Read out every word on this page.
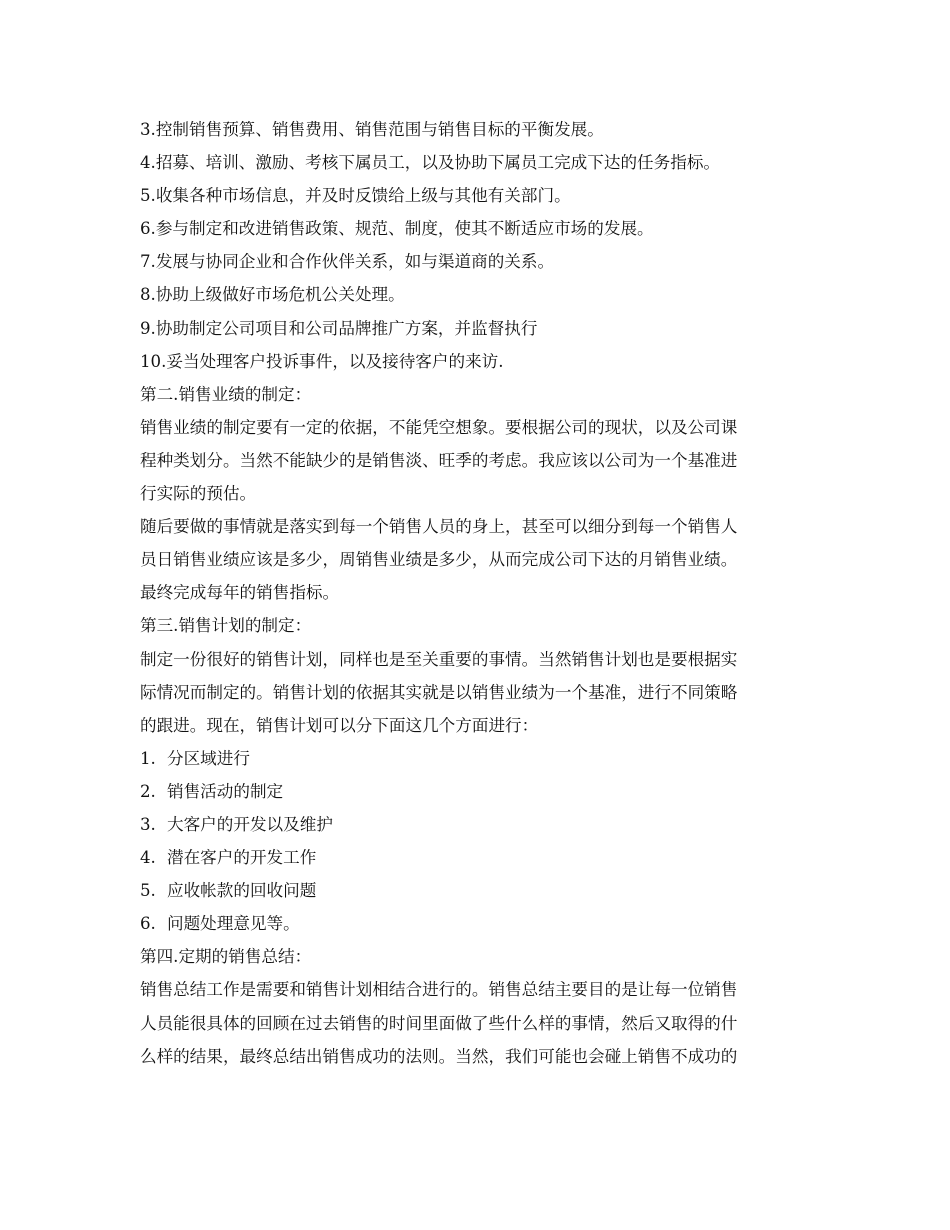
3.控制销售预算、销售费用、销售范围与销售目标的平衡发展。
4.招募、培训、激励、考核下属员工，以及协助下属员工完成下达的任务指标。
5.收集各种市场信息，并及时反馈给上级与其他有关部门。
6.参与制定和改进销售政策、规范、制度，使其不断适应市场的发展。
7.发展与协同企业和合作伙伴关系，如与渠道商的关系。
8.协助上级做好市场危机公关处理。
9.协助制定公司项目和公司品牌推广方案，并监督执行
10.妥当处理客户投诉事件，以及接待客户的来访.
第二.销售业绩的制定：
销售业绩的制定要有一定的依据，不能凭空想象。要根据公司的现状，以及公司课
程种类划分。当然不能缺少的是销售淡、旺季的考虑。我应该以公司为一个基准进
行实际的预估。
随后要做的事情就是落实到每一个销售人员的身上，甚至可以细分到每一个销售人
员日销售业绩应该是多少，周销售业绩是多少，从而完成公司下达的月销售业绩。
最终完成每年的销售指标。
第三.销售计划的制定：
制定一份很好的销售计划，同样也是至关重要的事情。当然销售计划也是要根据实
际情况而制定的。销售计划的依据其实就是以销售业绩为一个基准，进行不同策略
的跟进。现在，销售计划可以分下面这几个方面进行：
1. 分区域进行
2. 销售活动的制定
3. 大客户的开发以及维护
4. 潜在客户的开发工作
5. 应收帐款的回收问题
6. 问题处理意见等。
第四.定期的销售总结：
销售总结工作是需要和销售计划相结合进行的。销售总结主要目的是让每一位销售
人员能很具体的回顾在过去销售的时间里面做了些什么样的事情，然后又取得的什
么样的结果，最终总结出销售成功的法则。当然，我们可能也会碰上销售不成功的
